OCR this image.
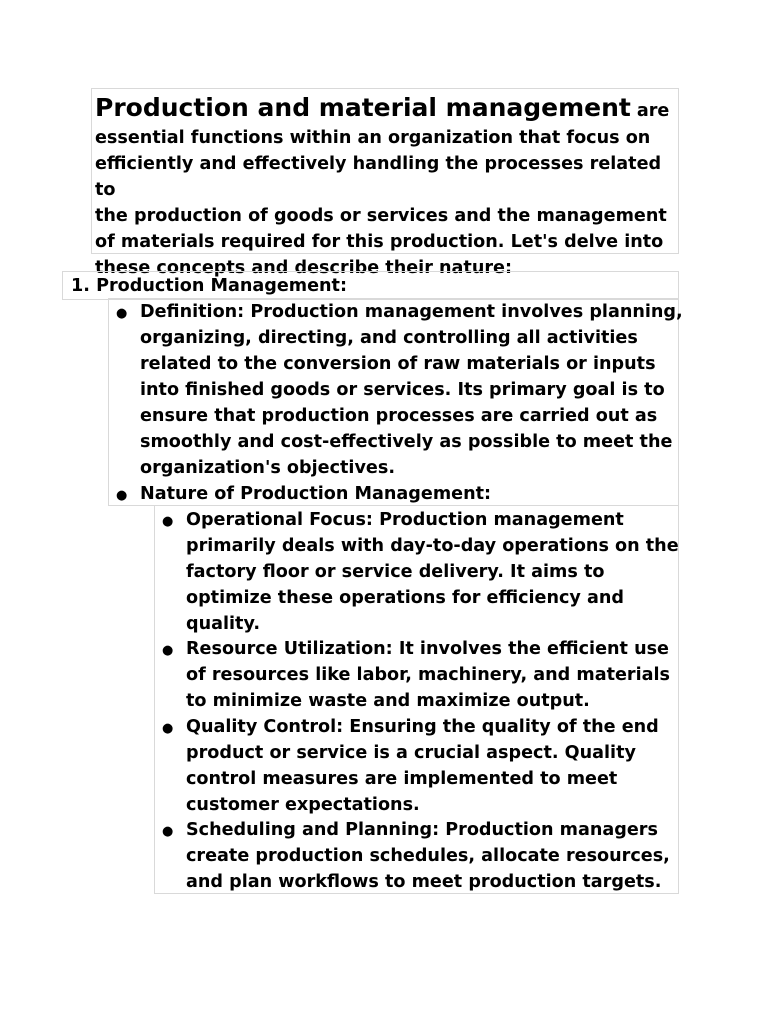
Production and material management are
essential functions within an organization that focus on
efficiently and effectively handling the processes related to
the production of goods or services and the management
of materials required for this production. Let's delve into
these concepts and describe their nature:
1. Production Management:
● Definition: Production management involves planning,
organizing, directing, and controlling all activities
related to the conversion of raw materials or inputs
into finished goods or services. Its primary goal is to
ensure that production processes are carried out as
smoothly and cost-effectively as possible to meet the
organization's objectives.
● Nature of Production Management:
● Operational Focus: Production management
primarily deals with day-to-day operations on the
factory floor or service delivery. It aims to
optimize these operations for efficiency and
quality.
● Resource Utilization: It involves the efficient use
of resources like labor, machinery, and materials
to minimize waste and maximize output.
● Quality Control: Ensuring the quality of the end
product or service is a crucial aspect. Quality
control measures are implemented to meet
customer expectations.
● Scheduling and Planning: Production managers
create production schedules, allocate resources,
and plan workflows to meet production targets.
